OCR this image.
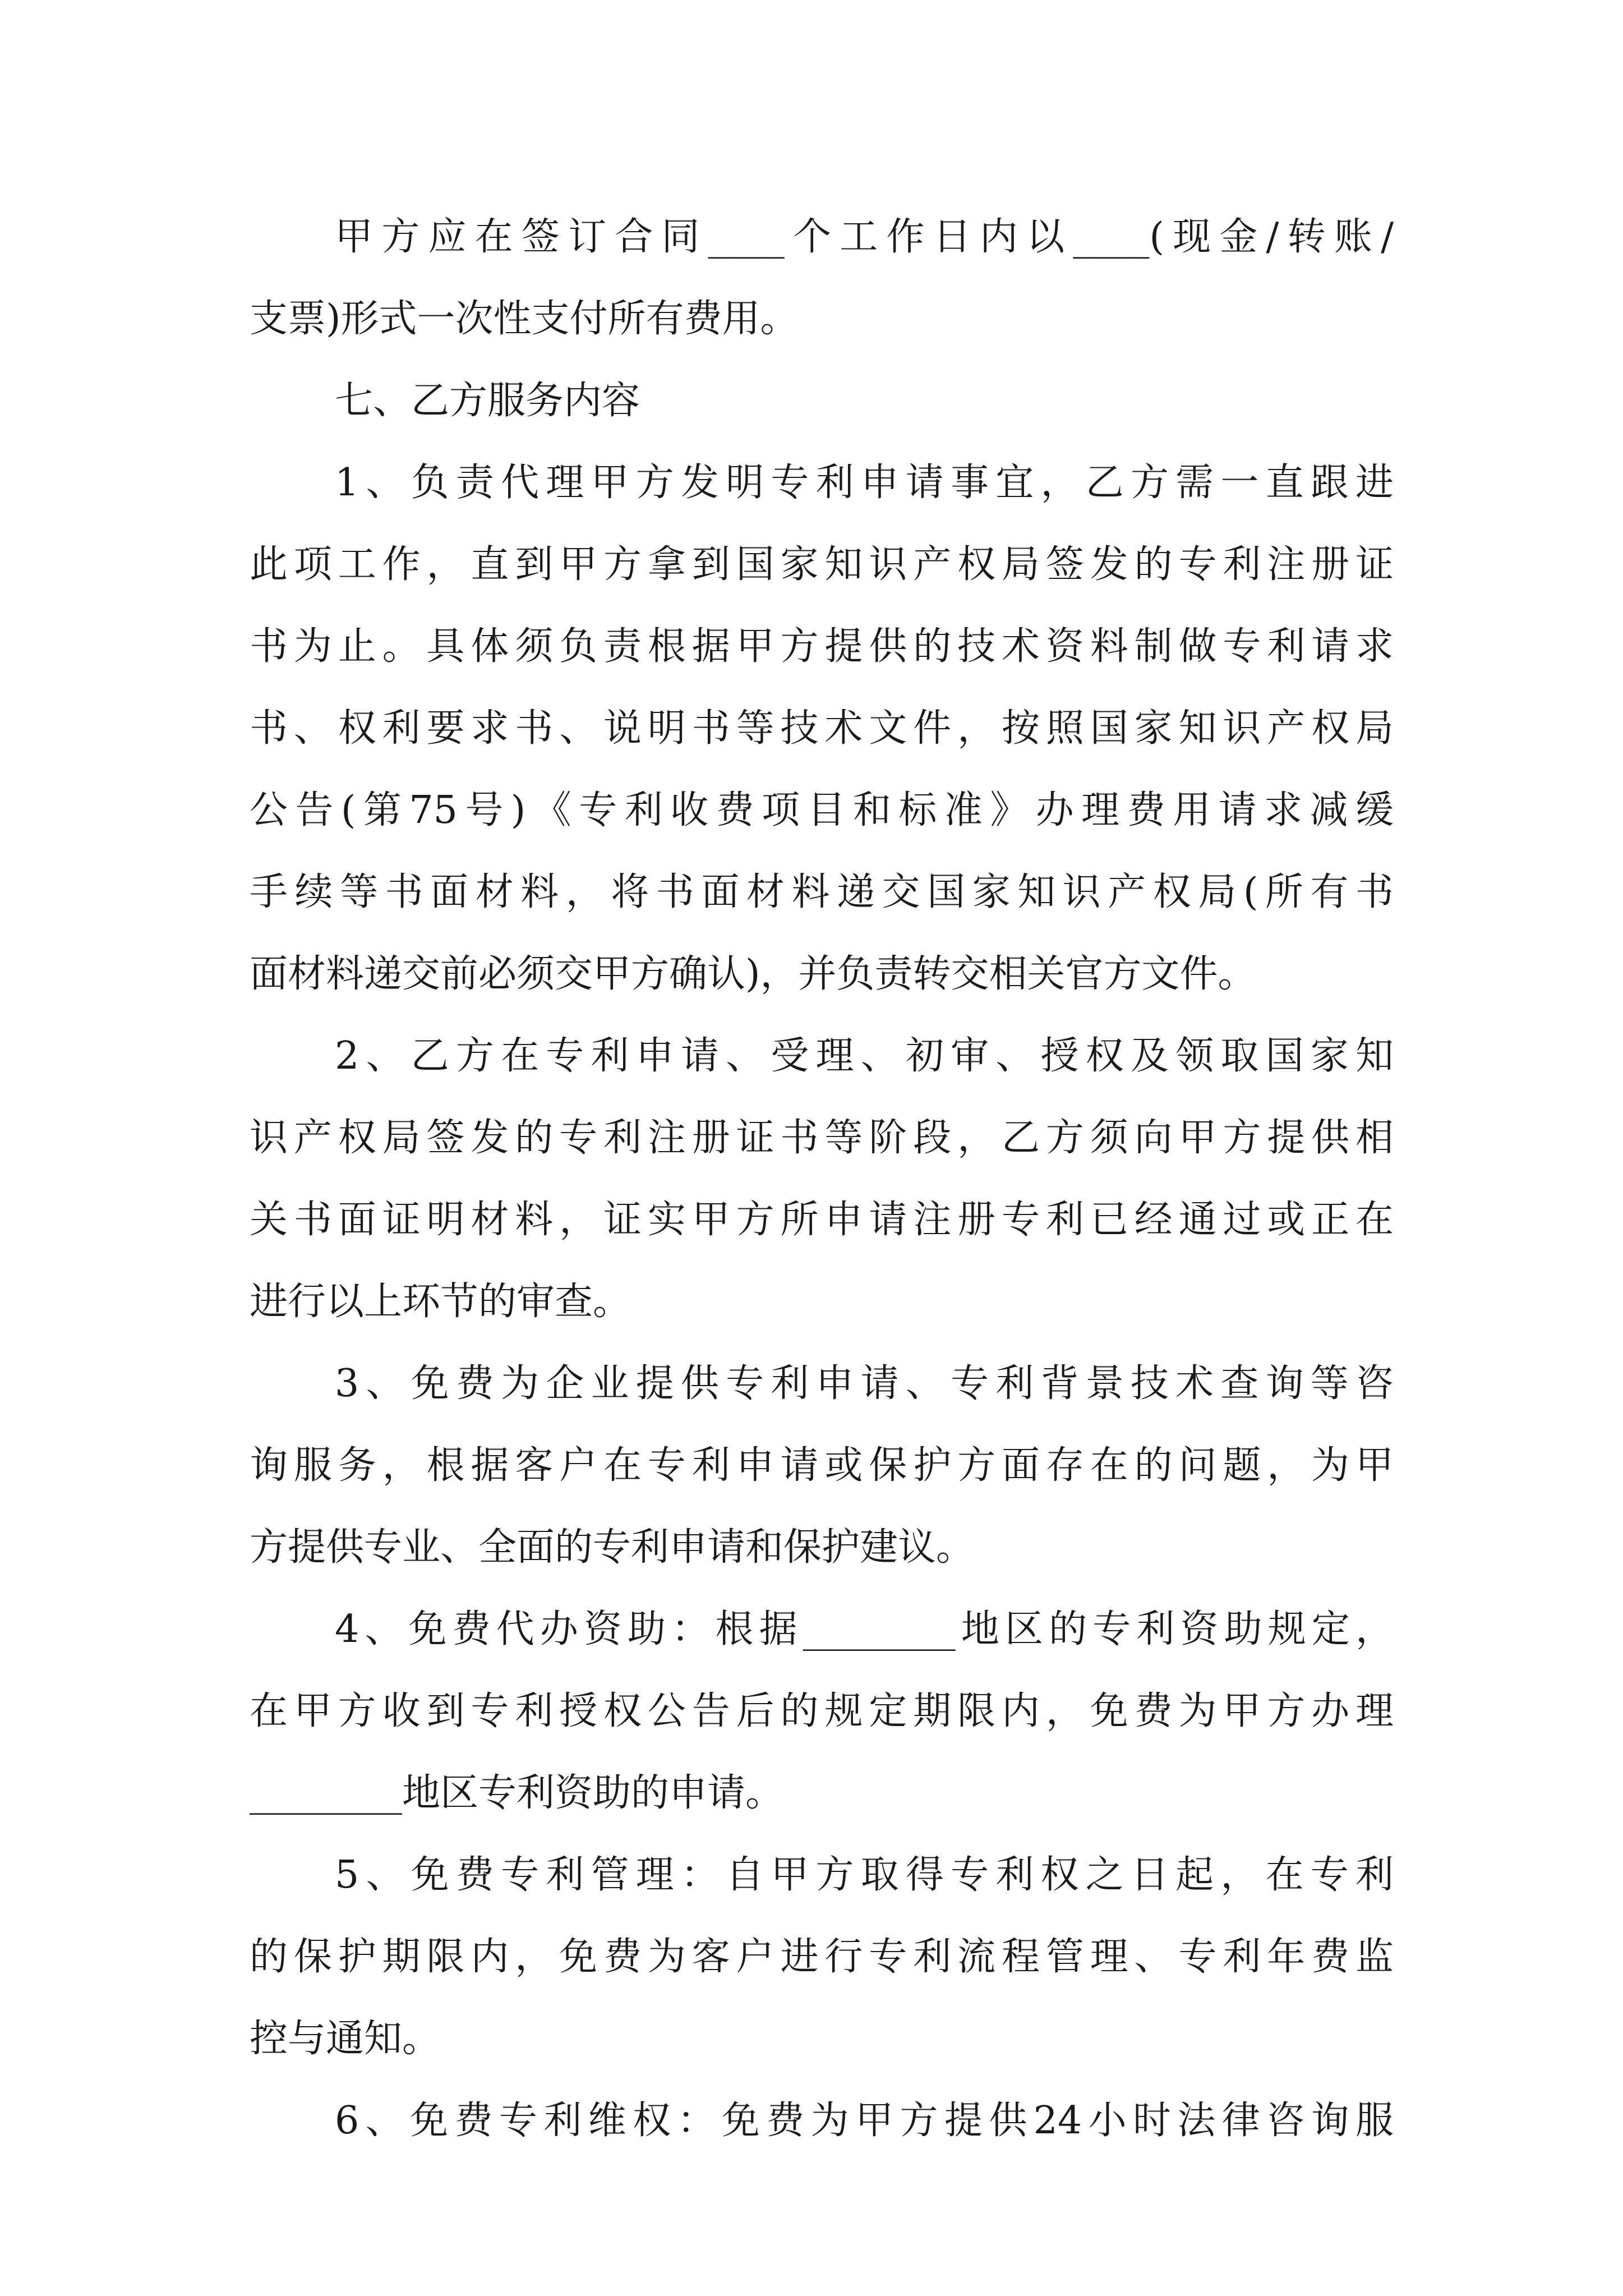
甲方应在签订合同____个工作日内以____(现金/转账/
支票)形式一次性支付所有费用。

七、乙方服务内容

1、负责代理甲方发明专利申请事宜，乙方需一直跟进
此项工作，直到甲方拿到国家知识产权局签发的专利注册证
书为止。具体须负责根据甲方提供的技术资料制做专利请求
书、权利要求书、说明书等技术文件，按照国家知识产权局
公告(第75号)《专利收费项目和标准》办理费用请求减缓
手续等书面材料，将书面材料递交国家知识产权局(所有书
面材料递交前必须交甲方确认)，并负责转交相关官方文件。

2、乙方在专利申请、受理、初审、授权及领取国家知
识产权局签发的专利注册证书等阶段，乙方须向甲方提供相
关书面证明材料，证实甲方所申请注册专利已经通过或正在
进行以上环节的审查。

3、免费为企业提供专利申请、专利背景技术查询等咨
询服务，根据客户在专利申请或保护方面存在的问题，为甲
方提供专业、全面的专利申请和保护建议。

4、免费代办资助：根据________地区的专利资助规定，
在甲方收到专利授权公告后的规定期限内，免费为甲方办理
________地区专利资助的申请。

5、免费专利管理：自甲方取得专利权之日起，在专利
的保护期限内，免费为客户进行专利流程管理、专利年费监
控与通知。

6、免费专利维权：免费为甲方提供24小时法律咨询服
